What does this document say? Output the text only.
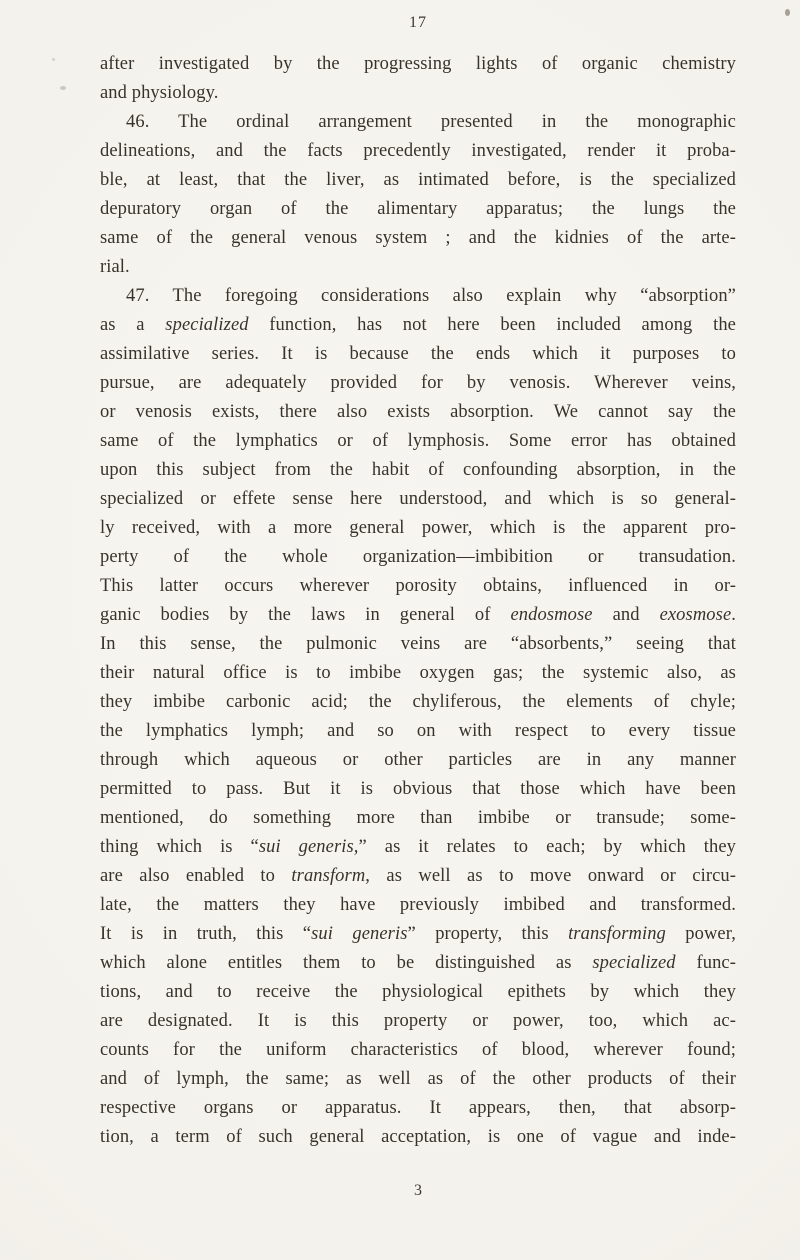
17
after investigated by the progressing lights of organic chemistry
and physiology.
46. The ordinal arrangement presented in the monographic
delineations, and the facts precedently investigated, render it proba-
ble, at least, that the liver, as intimated before, is the specialized
depuratory organ of the alimentary apparatus; the lungs the
same of the general venous system ; and the kidnies of the arte-
rial.
47. The foregoing considerations also explain why “absorption”
as a specialized function, has not here been included among the
assimilative series. It is because the ends which it purposes to
pursue, are adequately provided for by venosis. Wherever veins,
or venosis exists, there also exists absorption. We cannot say the
same of the lymphatics or of lymphosis. Some error has obtained
upon this subject from the habit of confounding absorption, in the
specialized or effete sense here understood, and which is so general-
ly received, with a more general power, which is the apparent pro-
perty of the whole organization—imbibition or transudation.
This latter occurs wherever porosity obtains, influenced in or-
ganic bodies by the laws in general of endosmose and exosmose.
In this sense, the pulmonic veins are “absorbents,” seeing that
their natural office is to imbibe oxygen gas; the systemic also, as
they imbibe carbonic acid; the chyliferous, the elements of chyle;
the lymphatics lymph; and so on with respect to every tissue
through which aqueous or other particles are in any manner
permitted to pass. But it is obvious that those which have been
mentioned, do something more than imbibe or transude; some-
thing which is “sui generis,” as it relates to each; by which they
are also enabled to transform, as well as to move onward or circu-
late, the matters they have previously imbibed and transformed.
It is in truth, this “sui generis” property, this transforming power,
which alone entitles them to be distinguished as specialized func-
tions, and to receive the physiological epithets by which they
are designated. It is this property or power, too, which ac-
counts for the uniform characteristics of blood, wherever found;
and of lymph, the same; as well as of the other products of their
respective organs or apparatus. It appears, then, that absorp-
tion, a term of such general acceptation, is one of vague and inde-
3
